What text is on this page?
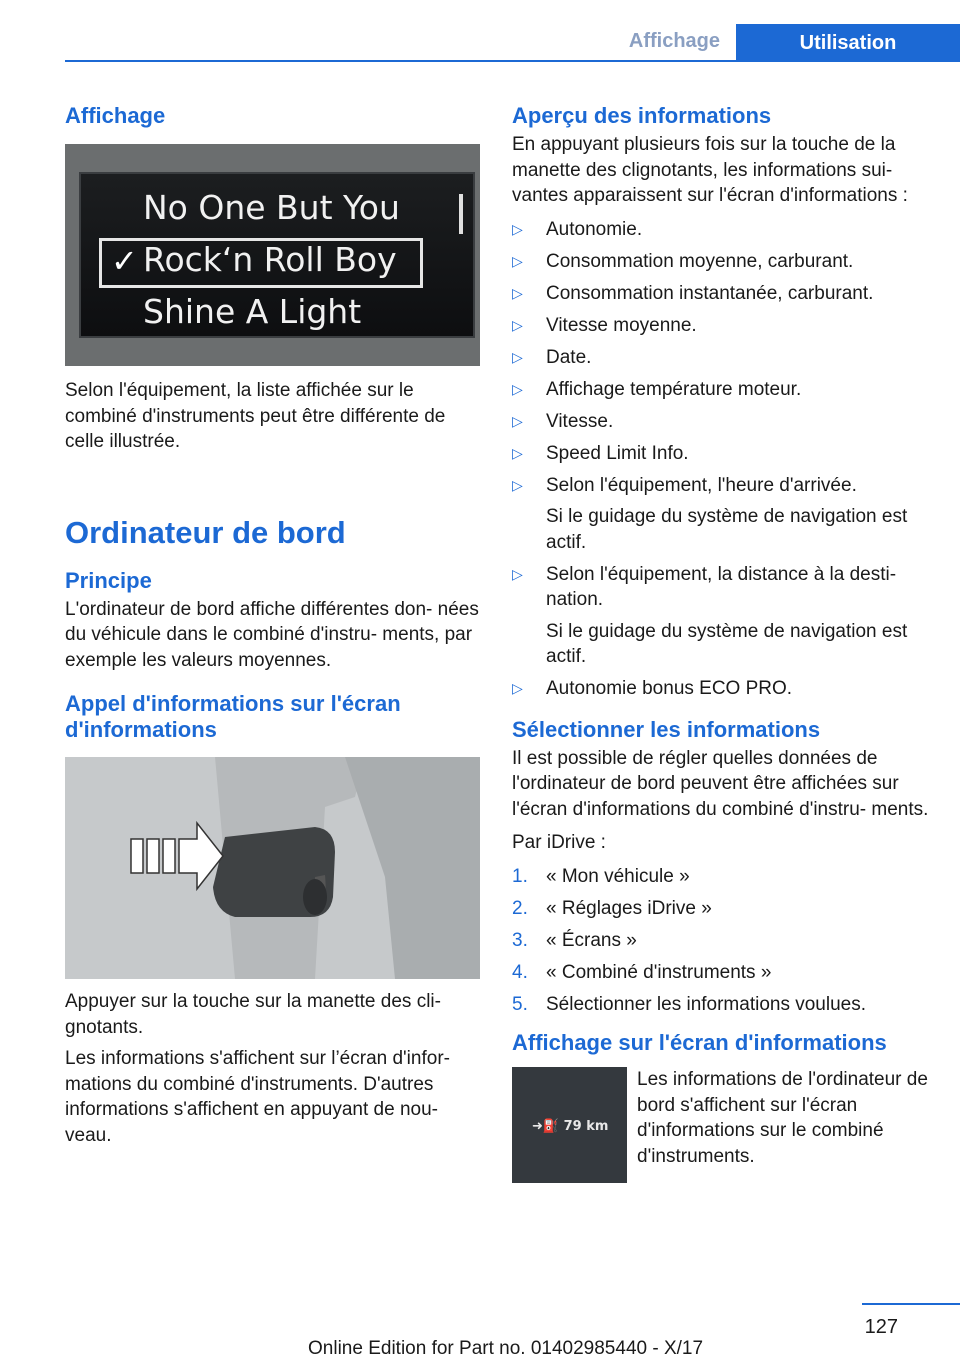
Affichage	Utilisation
Affichage
✓
No One But You
Rock‘n Roll Boy
Shine A Light

Selon l'équipement, la liste affichée sur le combiné d'instruments peut être différente de celle illustrée.

Ordinateur de bord
Principe

L'ordinateur de bord affiche différentes don‐ nées du véhicule dans le combiné d'instru‐ ments, par exemple les valeurs moyennes.

Appel d'informations sur l'écran d'informations

Appuyer sur la touche sur la manette des cli‐ gnotants.

Les informations s'affichent sur l’écran d'infor‐ mations du combiné d'instruments. D'autres informations s'affichent en appuyant de nou‐ veau.

Aperçu des informations

En appuyant plusieurs fois sur la touche de la manette des clignotants, les informations sui‐ vantes apparaissent sur l'écran d'informations :

▷ Autonomie.
▷ Consommation moyenne, carburant.
▷ Consommation instantanée, carburant.
▷ Vitesse moyenne.
▷ Date.
▷ Affichage température moteur.
▷ Vitesse.
▷ Speed Limit Info.
▷ Selon l'équipement, l'heure d'arrivée.
Si le guidage du système de navigation est actif.
▷ Selon l'équipement, la distance à la desti‐ nation.
Si le guidage du système de navigation est actif.
▷ Autonomie bonus ECO PRO.
Sélectionner les informations

Il est possible de régler quelles données de l'ordinateur de bord peuvent être affichées sur l'écran d'informations du combiné d'instru‐ ments.

Par iDrive :

1. « Mon véhicule »
2. « Réglages iDrive »
3. « Écrans »
4. « Combiné d'instruments »
5. Sélectionner les informations voulues.
Affichage sur l'écran d'informations
➜⛽ 79 km

Les informations de l'ordinateur de bord s'affichent sur l'écran d'informations sur le combiné d'instruments.

127
Online Edition for Part no. 01402985440 - X/17
